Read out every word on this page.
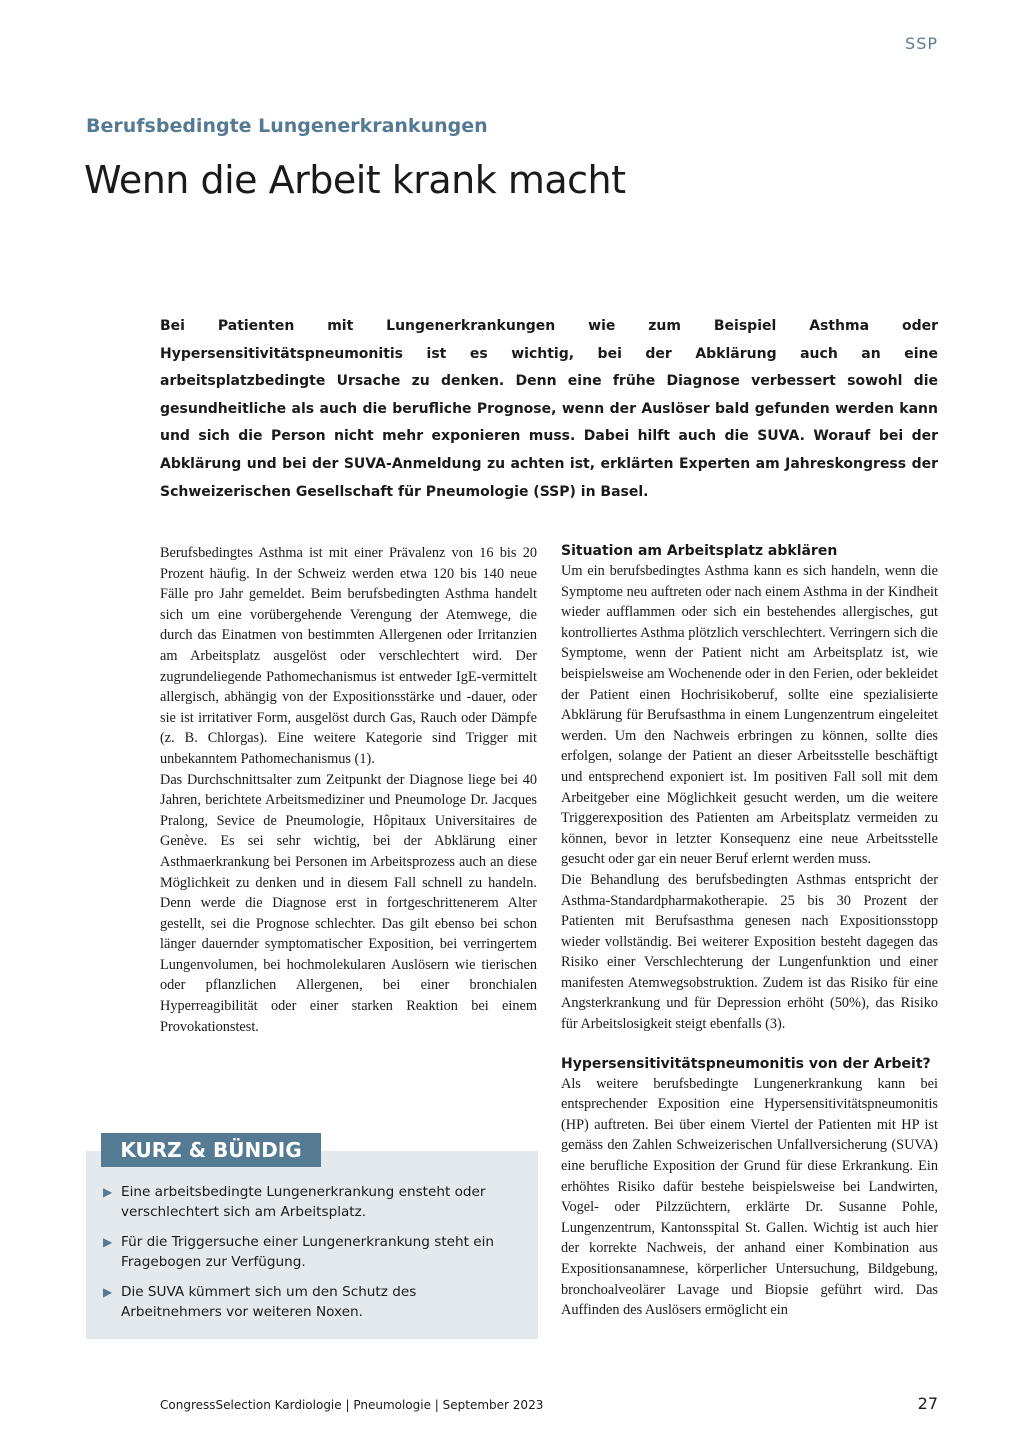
SSP
Berufsbedingte Lungenerkrankungen
Wenn die Arbeit krank macht

Bei Patienten mit Lungenerkrankungen wie zum Beispiel Asthma oder Hypersensitivitätspneumonitis ist es wichtig, bei der Abklärung auch an eine arbeitsplatzbedingte Ursache zu denken. Denn eine frühe Diagnose verbessert sowohl die gesundheitliche als auch die berufliche Prognose, wenn der Auslöser bald gefunden werden kann und sich die Person nicht mehr exponieren muss. Dabei hilft auch die SUVA. Worauf bei der Abklärung und bei der SUVA-Anmeldung zu achten ist, erklärten Experten am Jahreskongress der Schweizerischen Gesellschaft für Pneumologie (SSP) in Basel.

Berufsbedingtes Asthma ist mit einer Prävalenz von 16 bis 20 Prozent häufig. In der Schweiz werden etwa 120 bis 140 neue Fälle pro Jahr gemeldet. Beim berufsbedingten Asthma handelt sich um eine vorübergehende Verengung der Atemwege, die durch das Einatmen von bestimmten Allergenen oder Irritanzien am Arbeitsplatz ausgelöst oder verschlechtert wird. Der zugrundeliegende Pathomechanismus ist entweder IgE-vermittelt allergisch, abhängig von der Expositionsstärke und -dauer, oder sie ist irritativer Form, ausgelöst durch Gas, Rauch oder Dämpfe (z. B. Chlorgas). Eine weitere Kategorie sind Trigger mit unbekanntem Pathomechanismus (1).

Das Durchschnittsalter zum Zeitpunkt der Diagnose liege bei 40 Jahren, berichtete Arbeitsmediziner und Pneumologe Dr. Jacques Pralong, Sevice de Pneumologie, Hôpitaux Universitaires de Genève. Es sei sehr wichtig, bei der Abklärung einer Asthmaerkrankung bei Personen im Arbeitsprozess auch an diese Möglichkeit zu denken und in diesem Fall schnell zu handeln. Denn werde die Diagnose erst in fortgeschrittenerem Alter gestellt, sei die Prognose schlechter. Das gilt ebenso bei schon länger dauernder symptomatischer Exposition, bei verringertem Lungenvolumen, bei hochmolekularen Auslösern wie tierischen oder pflanzlichen Allergenen, bei einer bronchialen Hyperreagibilität oder einer starken Reaktion bei einem Provokationstest.

Situation am Arbeitsplatz abklären

Um ein berufsbedingtes Asthma kann es sich handeln, wenn die Symptome neu auftreten oder nach einem Asthma in der Kindheit wieder aufflammen oder sich ein bestehendes allergisches, gut kontrolliertes Asthma plötzlich verschlechtert. Verringern sich die Symptome, wenn der Patient nicht am Arbeitsplatz ist, wie beispielsweise am Wochenende oder in den Ferien, oder bekleidet der Patient einen Hochrisikoberuf, sollte eine spezialisierte Abklärung für Berufsasthma in einem Lungenzentrum eingeleitet werden. Um den Nachweis erbringen zu können, sollte dies erfolgen, solange der Patient an dieser Arbeitsstelle beschäftigt und entsprechend exponiert ist. Im positiven Fall soll mit dem Arbeitgeber eine Möglichkeit gesucht werden, um die weitere Triggerexposition des Patienten am Arbeitsplatz vermeiden zu können, bevor in letzter Konsequenz eine neue Arbeitsstelle gesucht oder gar ein neuer Beruf erlernt werden muss.

Die Behandlung des berufsbedingten Asthmas entspricht der Asthma-Standardpharmakotherapie. 25 bis 30 Prozent der Patienten mit Berufsasthma genesen nach Expositionsstopp wieder vollständig. Bei weiterer Exposition besteht dagegen das Risiko einer Verschlechterung der Lungenfunktion und einer manifesten Atemwegsobstruktion. Zudem ist das Risiko für eine Angsterkrankung und für Depression erhöht (50%), das Risiko für Arbeitslosigkeit steigt ebenfalls (3).

Hypersensitivitätspneumonitis von der Arbeit?

Als weitere berufsbedingte Lungenerkrankung kann bei entsprechender Exposition eine Hypersensitivitätspneumonitis (HP) auftreten. Bei über einem Viertel der Patienten mit HP ist gemäss den Zahlen Schweizerischen Unfallversicherung (SUVA) eine berufliche Exposition der Grund für diese Erkrankung. Ein erhöhtes Risiko dafür bestehe beispielsweise bei Landwirten, Vogel- oder Pilzzüchtern, erklärte Dr. Susanne Pohle, Lungenzentrum, Kantonsspital St. Gallen. Wichtig ist auch hier der korrekte Nachweis, der anhand einer Kombination aus Expositionsanamnese, körperlicher Untersuchung, Bildgebung, bronchoalveolärer Lavage und Biopsie geführt wird. Das Auffinden des Auslösers ermöglicht ein

KURZ & BÜNDIG
▶ Eine arbeitsbedingte Lungenerkrankung ensteht oder verschlechtert sich am Arbeitsplatz.
▶ Für die Triggersuche einer Lungenerkrankung steht ein Fragebogen zur Verfügung.
▶ Die SUVA kümmert sich um den Schutz des Arbeitnehmers vor weiteren Noxen.
CongressSelection Kardiologie | Pneumologie | September 2023	27
